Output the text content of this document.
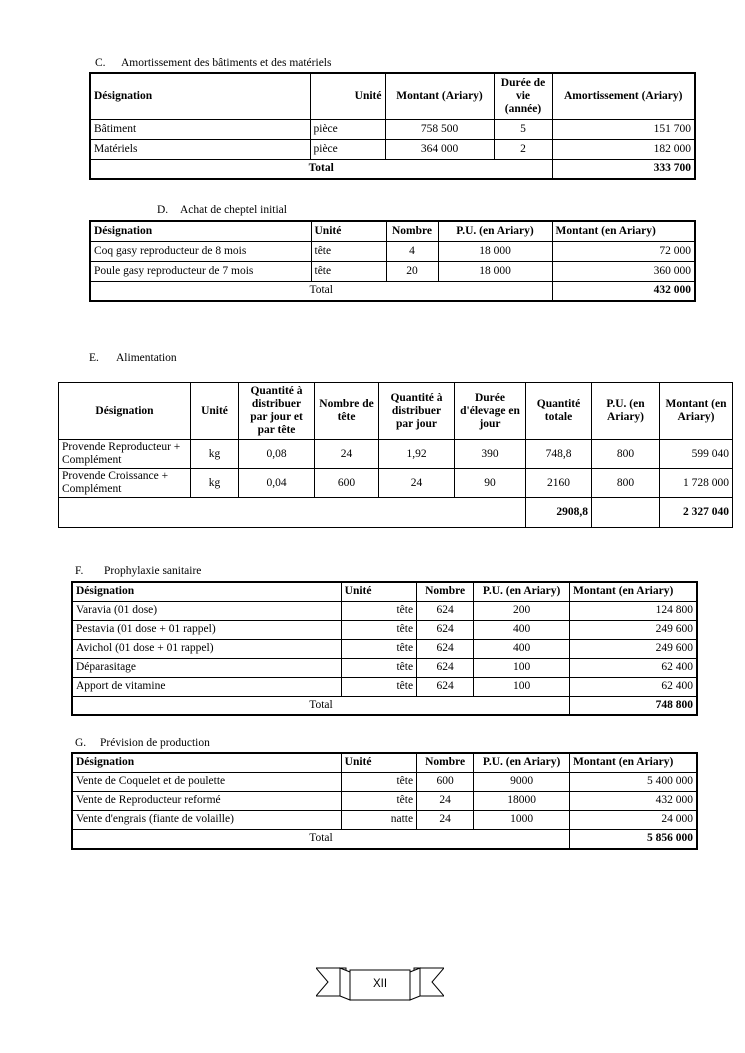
C. Amortissement des bâtiments et des matériels
Désignation	Unité	Montant (Ariary)	Durée de vie (année)	Amortissement (Ariary)
Bâtiment	pièce	758 500	5	151 700
Matériels	pièce	364 000	2	182 000
Total				333 700
D. Achat de cheptel initial
Désignation	Unité	Nombre	P.U. (en Ariary)	Montant (en Ariary)
Coq gasy reproducteur de 8 mois	tête	4	18 000	72 000
Poule gasy reproducteur de 7 mois	tête	20	18 000	360 000
Total				432 000
E. Alimentation
Désignation	Unité	Quantité à distribuer par jour et par tête	Nombre de tête	Quantité à distribuer par jour	Durée d'élevage en jour	Quantité totale	P.U. (en Ariary)	Montant (en Ariary)
Provende Reproducteur + Complément	kg	0,08	24	1,92	390	748,8	800	599 040
Provende Croissance + Complément	kg	0,04	600	24	90	2160	800	1 728 000
						2908,8		2 327 040
F. Prophylaxie sanitaire
Désignation	Unité	Nombre	P.U. (en Ariary)	Montant (en Ariary)
Varavia (01 dose)	tête	624	200	124 800
Pestavia (01 dose + 01 rappel)	tête	624	400	249 600
Avichol (01 dose + 01 rappel)	tête	624	400	249 600
Déparasitage	tête	624	100	62 400
Apport de vitamine	tête	624	100	62 400
Total				748 800
G. Prévision de production
Désignation	Unité	Nombre	P.U. (en Ariary)	Montant (en Ariary)
Vente de Coquelet et de poulette	tête	600	9000	5 400 000
Vente de Reproducteur reformé	tête	24	18000	432 000
Vente d'engrais (fiante de volaille)	natte	24	1000	24 000
Total				5 856 000
XII
